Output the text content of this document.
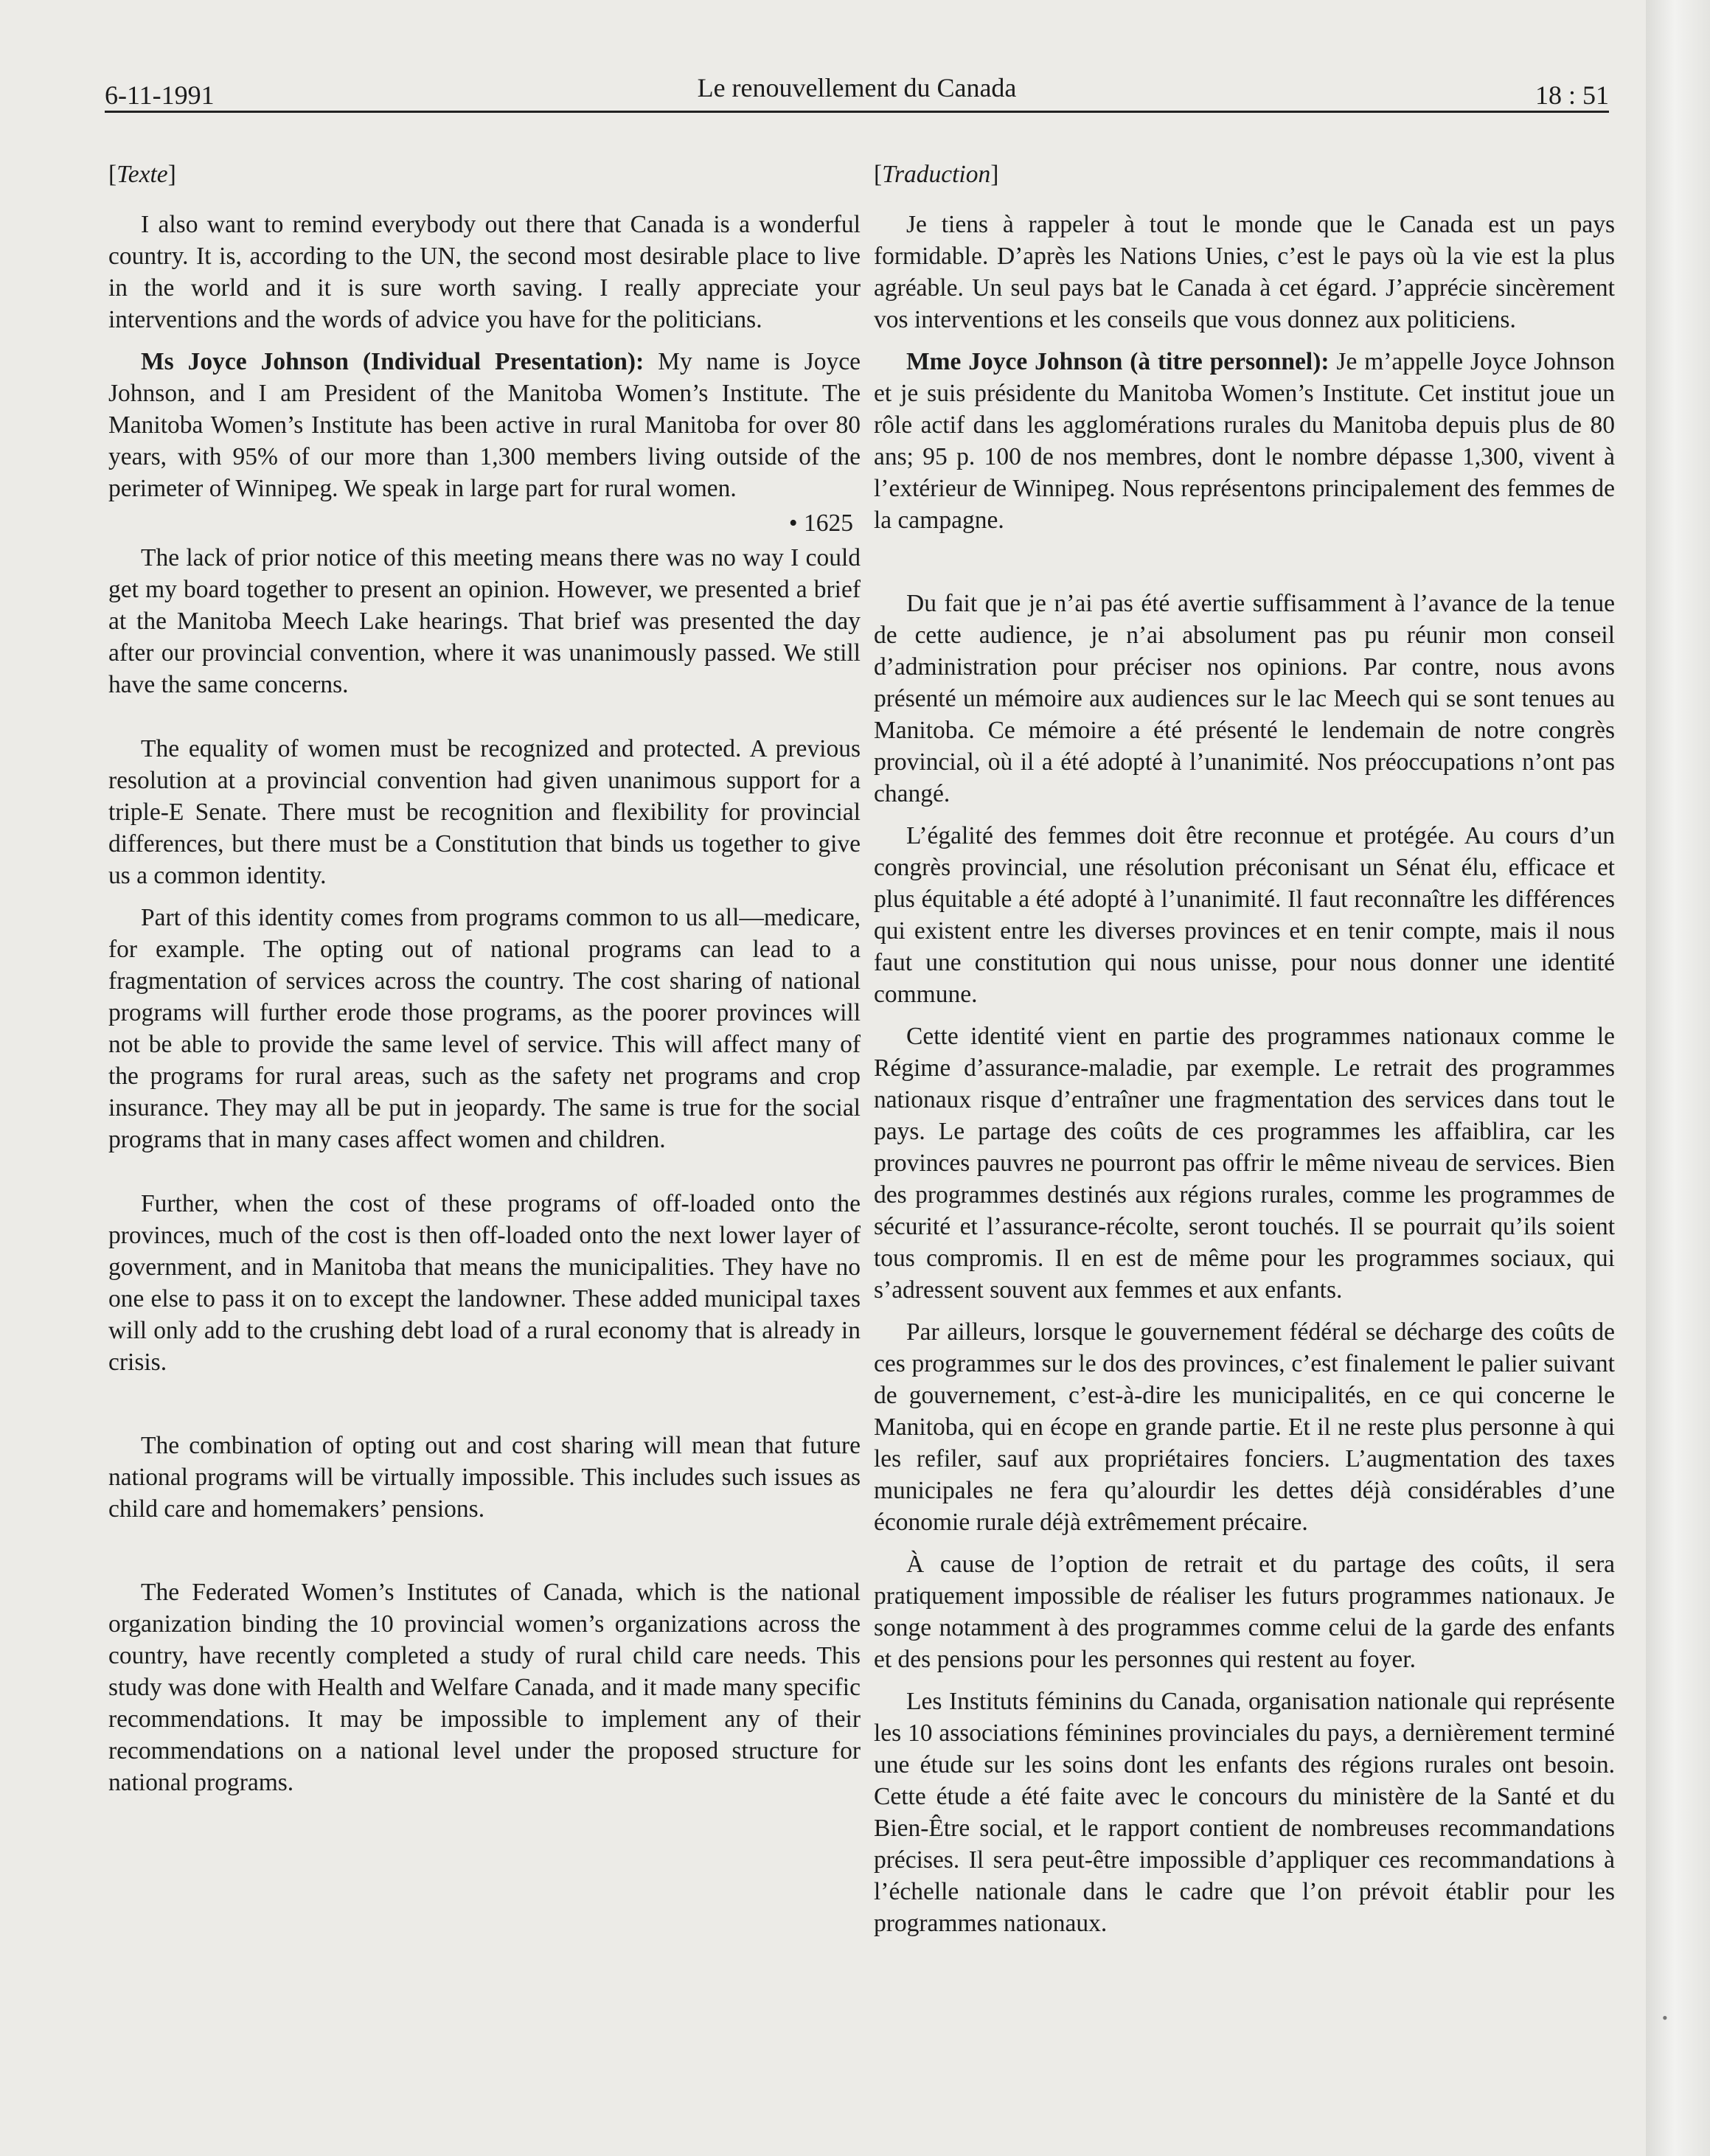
6-11-1991	Le renouvellement du Canada	18 : 51

[Texte]

I also want to remind everybody out there that Canada is a wonderful country. It is, according to the UN, the second most desirable place to live in the world and it is sure worth saving. I really appreciate your interventions and the words of advice you have for the politicians.

Ms Joyce Johnson (Individual Presentation): My name is Joyce Johnson, and I am President of the Manitoba Women’s Institute. The Manitoba Women’s Institute has been active in rural Manitoba for over 80 years, with 95% of our more than 1,300 members living outside of the perimeter of Winnipeg. We speak in large part for rural women.

• 1625

The lack of prior notice of this meeting means there was no way I could get my board together to present an opinion. However, we presented a brief at the Manitoba Meech Lake hearings. That brief was presented the day after our provincial convention, where it was unanimously passed. We still have the same concerns.

The equality of women must be recognized and protected. A previous resolution at a provincial convention had given unanimous support for a triple-E Senate. There must be recognition and flexibility for provincial differences, but there must be a Constitution that binds us together to give us a common identity.

Part of this identity comes from programs common to us all—medicare, for example. The opting out of national programs can lead to a fragmentation of services across the country. The cost sharing of national programs will further erode those programs, as the poorer provinces will not be able to provide the same level of service. This will affect many of the programs for rural areas, such as the safety net programs and crop insurance. They may all be put in jeopardy. The same is true for the social programs that in many cases affect women and children.

Further, when the cost of these programs of off-loaded onto the provinces, much of the cost is then off-loaded onto the next lower layer of government, and in Manitoba that means the municipalities. They have no one else to pass it on to except the landowner. These added municipal taxes will only add to the crushing debt load of a rural economy that is already in crisis.

The combination of opting out and cost sharing will mean that future national programs will be virtually impossible. This includes such issues as child care and homemakers’ pensions.

The Federated Women’s Institutes of Canada, which is the national organization binding the 10 provincial women’s organizations across the country, have recently completed a study of rural child care needs. This study was done with Health and Welfare Canada, and it made many specific recommendations. It may be impossible to implement any of their recommendations on a national level under the proposed structure for national programs.

[Traduction]

Je tiens à rappeler à tout le monde que le Canada est un pays formidable. D’après les Nations Unies, c’est le pays où la vie est la plus agréable. Un seul pays bat le Canada à cet égard. J’apprécie sincèrement vos interventions et les conseils que vous donnez aux politiciens.

Mme Joyce Johnson (à titre personnel): Je m’appelle Joyce Johnson et je suis présidente du Manitoba Women’s Institute. Cet institut joue un rôle actif dans les agglomérations rurales du Manitoba depuis plus de 80 ans; 95 p. 100 de nos membres, dont le nombre dépasse 1,300, vivent à l’extérieur de Winnipeg. Nous représentons principalement des femmes de la campagne.

Du fait que je n’ai pas été avertie suffisamment à l’avance de la tenue de cette audience, je n’ai absolument pas pu réunir mon conseil d’administration pour préciser nos opinions. Par contre, nous avons présenté un mémoire aux audiences sur le lac Meech qui se sont tenues au Manitoba. Ce mémoire a été présenté le lendemain de notre congrès provincial, où il a été adopté à l’unanimité. Nos préoccupations n’ont pas changé.

L’égalité des femmes doit être reconnue et protégée. Au cours d’un congrès provincial, une résolution préconisant un Sénat élu, efficace et plus équitable a été adopté à l’unanimité. Il faut reconnaître les différences qui existent entre les diverses provinces et en tenir compte, mais il nous faut une constitution qui nous unisse, pour nous donner une identité commune.

Cette identité vient en partie des programmes nationaux comme le Régime d’assurance-maladie, par exemple. Le retrait des programmes nationaux risque d’entraîner une fragmentation des services dans tout le pays. Le partage des coûts de ces programmes les affaiblira, car les provinces pauvres ne pourront pas offrir le même niveau de services. Bien des programmes destinés aux régions rurales, comme les programmes de sécurité et l’assurance-récolte, seront touchés. Il se pourrait qu’ils soient tous compromis. Il en est de même pour les programmes sociaux, qui s’adressent souvent aux femmes et aux enfants.

Par ailleurs, lorsque le gouvernement fédéral se décharge des coûts de ces programmes sur le dos des provinces, c’est finalement le palier suivant de gouvernement, c’est-à-dire les municipalités, en ce qui concerne le Manitoba, qui en écope en grande partie. Et il ne reste plus personne à qui les refiler, sauf aux propriétaires fonciers. L’augmentation des taxes municipales ne fera qu’alourdir les dettes déjà considérables d’une économie rurale déjà extrêmement précaire.

À cause de l’option de retrait et du partage des coûts, il sera pratiquement impossible de réaliser les futurs programmes nationaux. Je songe notamment à des programmes comme celui de la garde des enfants et des pensions pour les personnes qui restent au foyer.

Les Instituts féminins du Canada, organisation nationale qui représente les 10 associations féminines provinciales du pays, a dernièrement terminé une étude sur les soins dont les enfants des régions rurales ont besoin. Cette étude a été faite avec le concours du ministère de la Santé et du Bien-Être social, et le rapport contient de nombreuses recommandations précises. Il sera peut-être impossible d’appliquer ces recommandations à l’échelle nationale dans le cadre que l’on prévoit établir pour les programmes nationaux.

•
